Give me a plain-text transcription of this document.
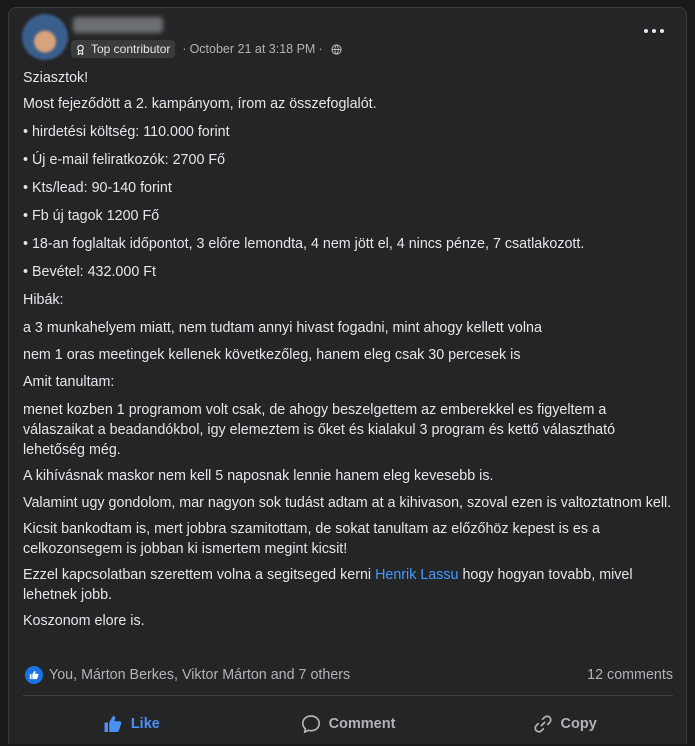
Top contributor · October 21 at 3:18 PM ·

Sziasztok!

Most fejeződött a 2. kampányom, írom az összefoglalót.

• hirdetési költség: 110.000 forint

• Új e-mail feliratkozók: 2700 Fő

• Kts/lead: 90-140 forint

• Fb új tagok 1200 Fő

• 18-an foglaltak időpontot, 3 előre lemondta, 4 nem jött el, 4 nincs pénze, 7 csatlakozott.

• Bevétel: 432.000 Ft

Hibák:

a 3 munkahelyem miatt, nem tudtam annyi hivast fogadni, mint ahogy kellett volna

nem 1 oras meetingek kellenek következőleg, hanem eleg csak 30 percesek is

Amit tanultam:

menet kozben 1 programom volt csak, de ahogy beszelgettem az emberekkel es figyeltem a válaszaikat a beadandókbol, igy elemeztem is őket és kialakul 3 program és kettő választható lehetőség még.

A kihívásnak maskor nem kell 5 naposnak lennie hanem eleg kevesebb is.

Valamint ugy gondolom, mar nagyon sok tudást adtam at a kihivason, szoval ezen is valtoztatnom kell.

Kicsit bankodtam is, mert jobbra szamitottam, de sokat tanultam az előzőhöz kepest is es a celkozonsegem is jobban ki ismertem megint kicsit!

Ezzel kapcsolatban szerettem volna a segitseged kerni Henrik Lassu hogy hogyan tovabb, mivel lehetnek jobb.

Koszonom elore is.

You, Márton Berkes, Viktor Márton and 7 others	12 comments
Like	Comment	Copy
